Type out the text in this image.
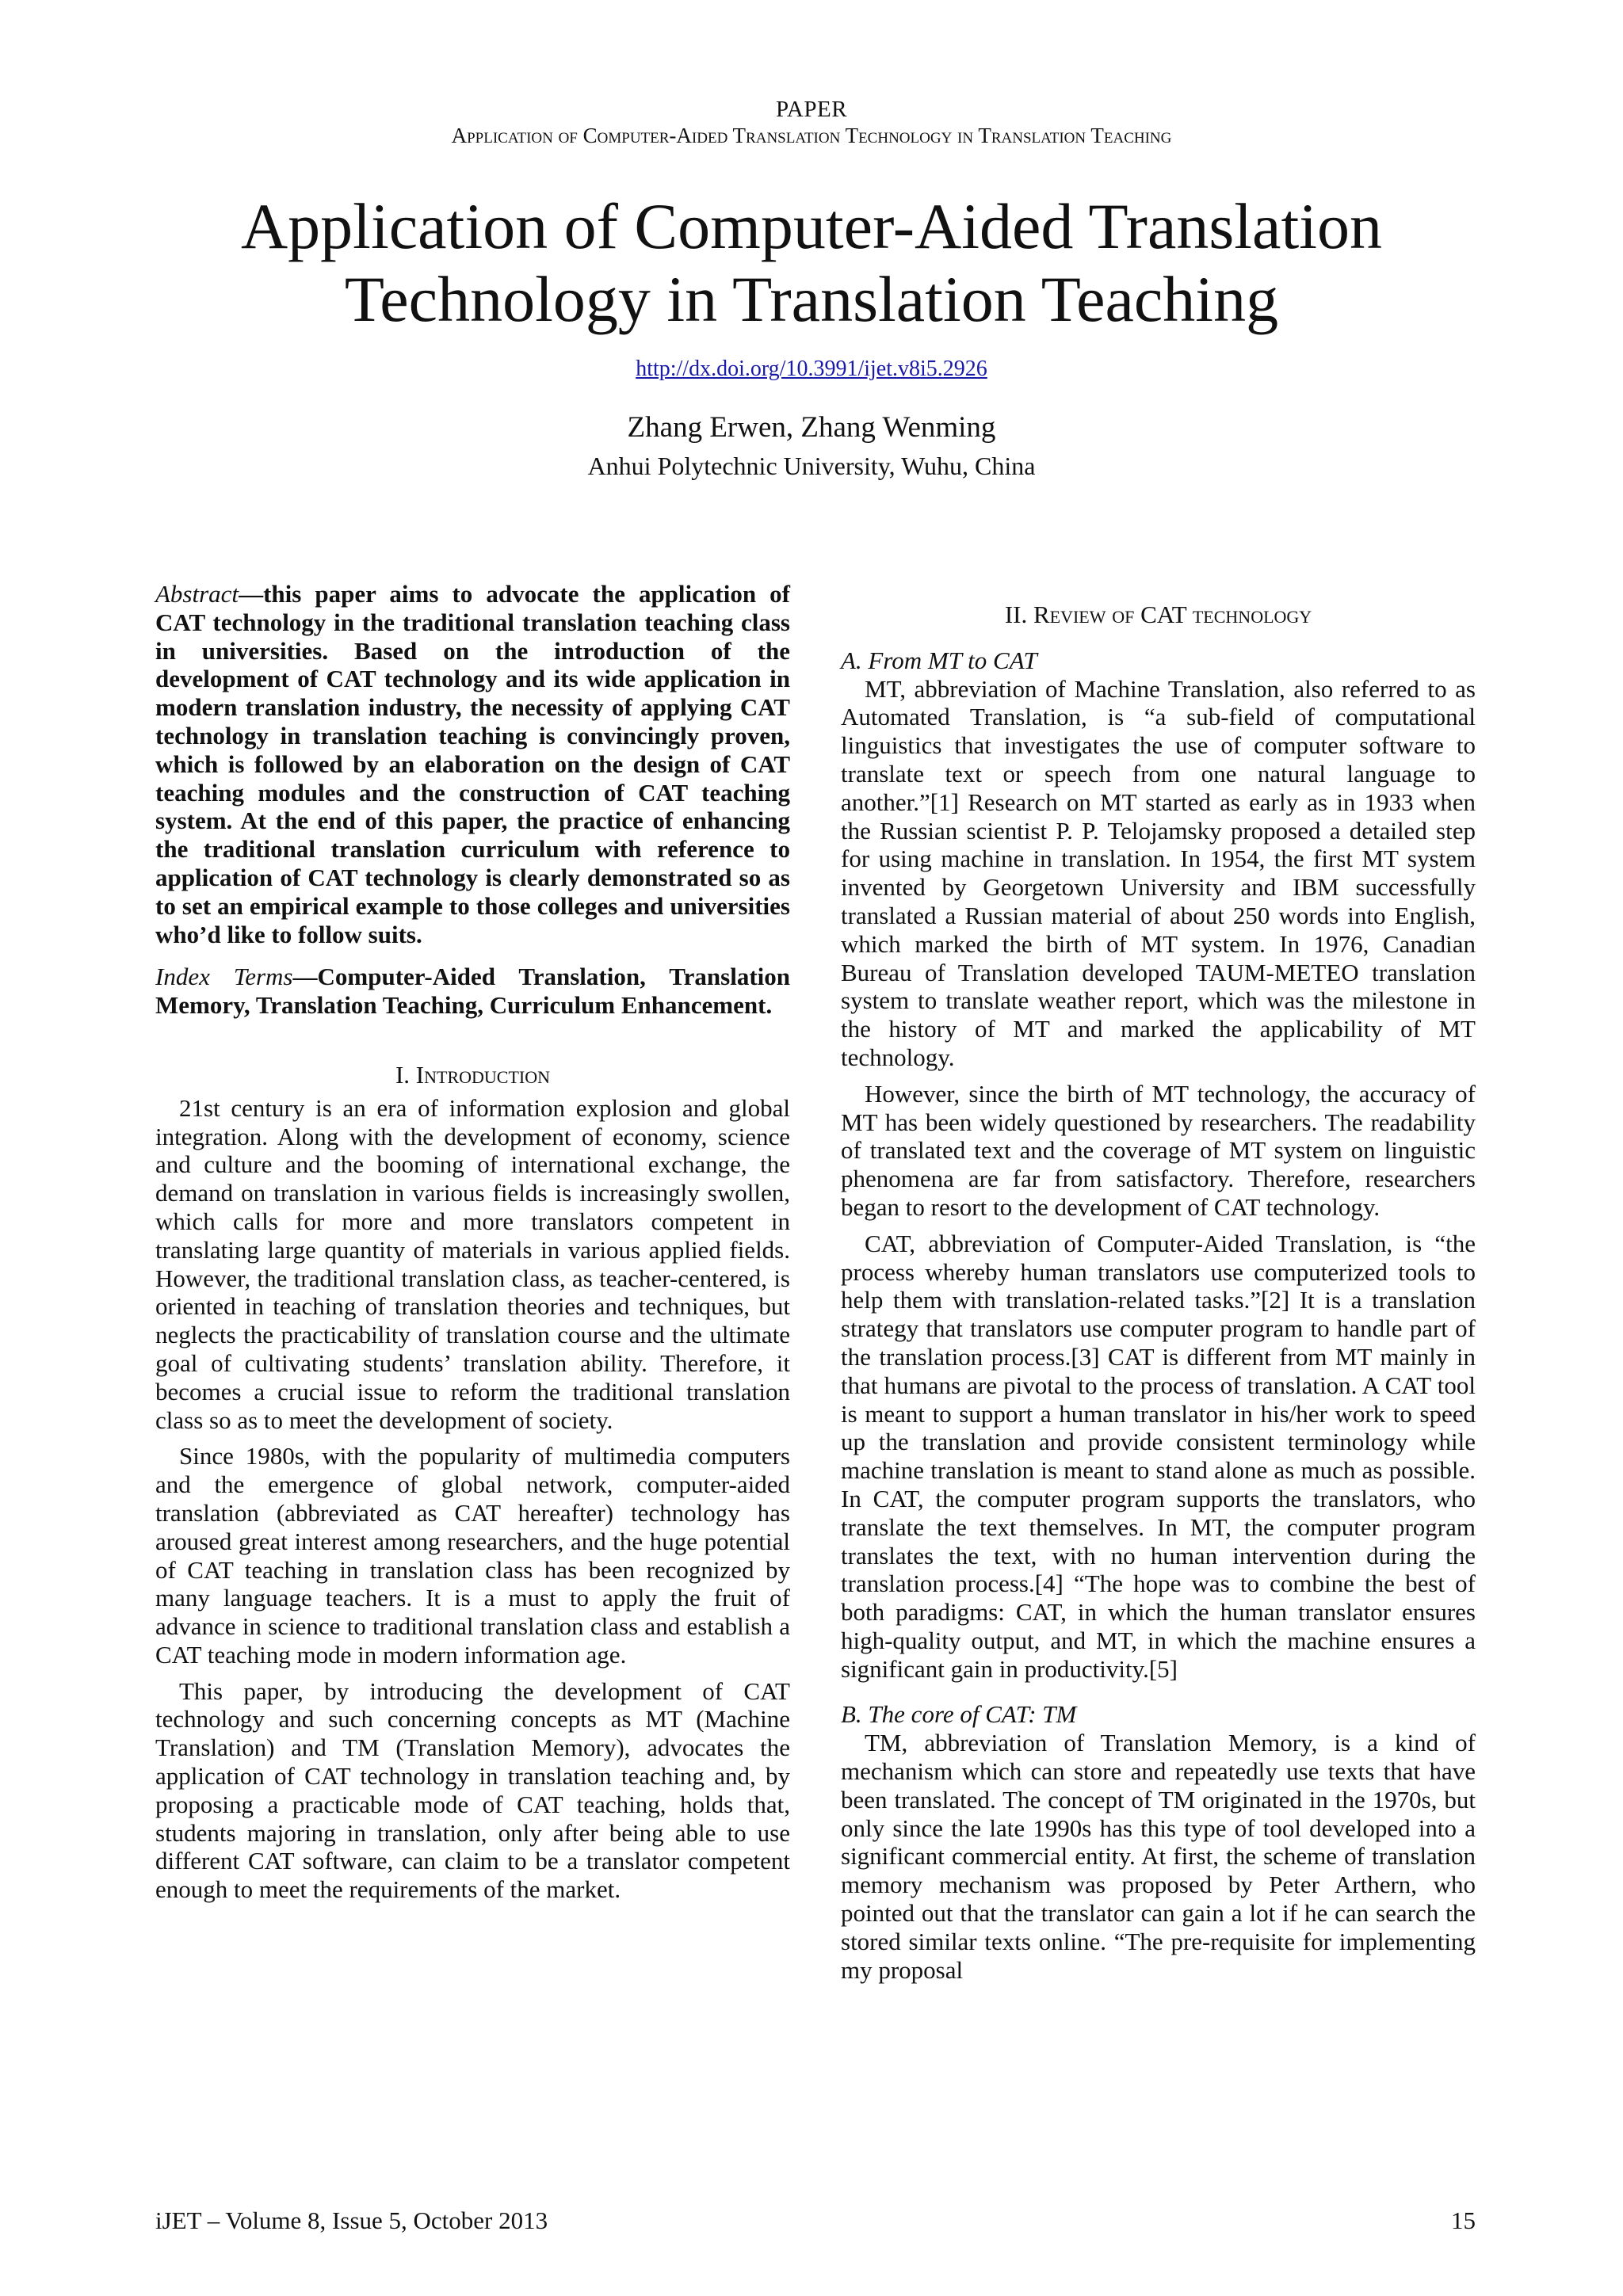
PAPER
Application of Computer-Aided Translation Technology in Translation Teaching
Application of Computer-Aided Translation
Technology in Translation Teaching
http://dx.doi.org/10.3991/ijet.v8i5.2926
Zhang Erwen, Zhang Wenming
Anhui Polytechnic University, Wuhu, China
Abstract—this paper aims to advocate the application of CAT technology in the traditional translation teaching class in universities. Based on the introduction of the development of CAT technology and its wide application in modern translation industry, the necessity of applying CAT technology in translation teaching is convincingly proven, which is followed by an elaboration on the design of CAT teaching modules and the construction of CAT teaching system. At the end of this paper, the practice of enhancing the traditional translation curriculum with reference to application of CAT technology is clearly demonstrated so as to set an empirical example to those colleges and universities who’d like to follow suits.
Index Terms—Computer-Aided Translation, Translation Memory, Translation Teaching, Curriculum Enhancement.
I. Introduction

21st century is an era of information explosion and global integration. Along with the development of economy, science and culture and the booming of international exchange, the demand on translation in various fields is increasingly swollen, which calls for more and more translators competent in translating large quantity of materials in various applied fields. However, the traditional translation class, as teacher-centered, is oriented in teaching of translation theories and techniques, but neglects the practicability of translation course and the ultimate goal of cultivating students’ translation ability. Therefore, it becomes a crucial issue to reform the traditional translation class so as to meet the development of society.

Since 1980s, with the popularity of multimedia computers and the emergence of global network, computer-aided translation (abbreviated as CAT hereafter) technology has aroused great interest among researchers, and the huge potential of CAT teaching in translation class has been recognized by many language teachers. It is a must to apply the fruit of advance in science to traditional translation class and establish a CAT teaching mode in modern information age.

This paper, by introducing the development of CAT technology and such concerning concepts as MT (Machine Translation) and TM (Translation Memory), advocates the application of CAT technology in translation teaching and, by proposing a practicable mode of CAT teaching, holds that, students majoring in translation, only after being able to use different CAT software, can claim to be a translator competent enough to meet the requirements of the market.

II. Review of CAT technology
A. From MT to CAT

MT, abbreviation of Machine Translation, also referred to as Automated Translation, is “a sub-field of computational linguistics that investigates the use of computer software to translate text or speech from one natural language to another.”[1] Research on MT started as early as in 1933 when the Russian scientist P. P. Telojamsky proposed a detailed step for using machine in translation. In 1954, the first MT system invented by Georgetown University and IBM successfully translated a Russian material of about 250 words into English, which marked the birth of MT system. In 1976, Canadian Bureau of Translation developed TAUM-METEO translation system to translate weather report, which was the milestone in the history of MT and marked the applicability of MT technology.

However, since the birth of MT technology, the accuracy of MT has been widely questioned by researchers. The readability of translated text and the coverage of MT system on linguistic phenomena are far from satisfactory. Therefore, researchers began to resort to the development of CAT technology.

CAT, abbreviation of Computer-Aided Translation, is “the process whereby human translators use computerized tools to help them with translation-related tasks.”[2] It is a translation strategy that translators use computer program to handle part of the translation process.[3] CAT is different from MT mainly in that humans are pivotal to the process of translation. A CAT tool is meant to support a human translator in his/her work to speed up the translation and provide consistent terminology while machine translation is meant to stand alone as much as possible. In CAT, the computer program supports the translators, who translate the text themselves. In MT, the computer program translates the text, with no human intervention during the translation process.[4] “The hope was to combine the best of both paradigms: CAT, in which the human translator ensures high-quality output, and MT, in which the machine ensures a significant gain in productivity.[5]

B. The core of CAT: TM

TM, abbreviation of Translation Memory, is a kind of mechanism which can store and repeatedly use texts that have been translated. The concept of TM originated in the 1970s, but only since the late 1990s has this type of tool developed into a significant commercial entity. At first, the scheme of translation memory mechanism was proposed by Peter Arthern, who pointed out that the translator can gain a lot if he can search the stored similar texts online. “The pre-requisite for implementing my proposal

iJET – Volume 8, Issue 5, October 2013	15
